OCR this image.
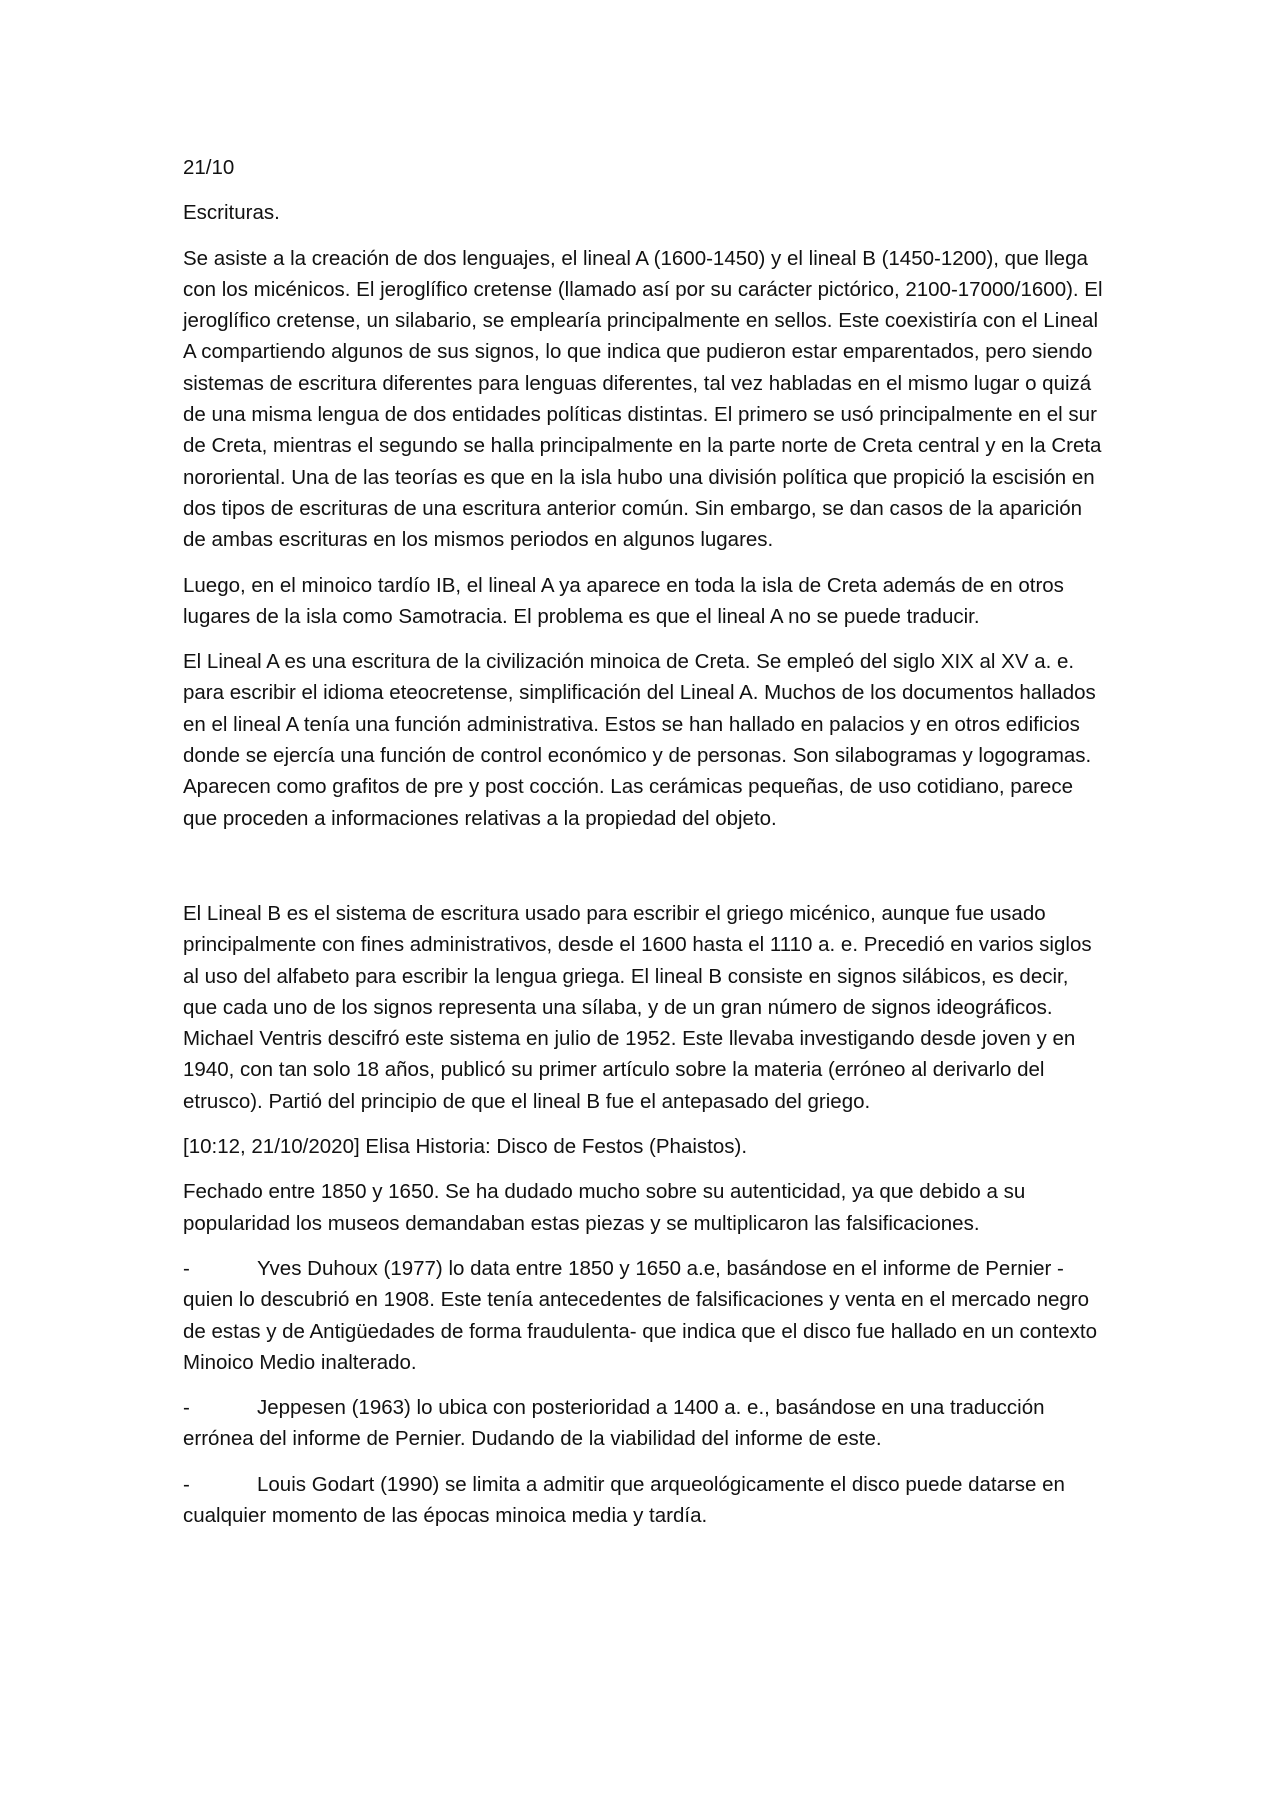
21/10

Escrituras.

Se asiste a la creación de dos lenguajes, el lineal A (1600-1450) y el lineal B (1450-1200), que llega con los micénicos. El jeroglífico cretense (llamado así por su carácter pictórico, 2100-17000/1600). El jeroglífico cretense, un silabario, se emplearía principalmente en sellos. Este coexistiría con el Lineal A compartiendo algunos de sus signos, lo que indica que pudieron estar emparentados, pero siendo sistemas de escritura diferentes para lenguas diferentes, tal vez habladas en el mismo lugar o quizá de una misma lengua de dos entidades políticas distintas. El primero se usó principalmente en el sur de Creta, mientras el segundo se halla principalmente en la parte norte de Creta central y en la Creta nororiental. Una de las teorías es que en la isla hubo una división política que propició la escisión en dos tipos de escrituras de una escritura anterior común. Sin embargo, se dan casos de la aparición de ambas escrituras en los mismos periodos en algunos lugares.

Luego, en el minoico tardío IB, el lineal A ya aparece en toda la isla de Creta además de en otros lugares de la isla como Samotracia. El problema es que el lineal A no se puede traducir.

El Lineal A es una escritura de la civilización minoica de Creta. Se empleó del siglo XIX al XV a. e. para escribir el idioma eteocretense, simplificación del Lineal A. Muchos de los documentos hallados en el lineal A tenía una función administrativa. Estos se han hallado en palacios y en otros edificios donde se ejercía una función de control económico y de personas. Son silabogramas y logogramas. Aparecen como grafitos de pre y post cocción. Las cerámicas pequeñas, de uso cotidiano, parece que proceden a informaciones relativas a la propiedad del objeto.

El Lineal B es el sistema de escritura usado para escribir el griego micénico, aunque fue usado principalmente con fines administrativos, desde el 1600 hasta el 1110 a. e. Precedió en varios siglos al uso del alfabeto para escribir la lengua griega. El lineal B consiste en signos silábicos, es decir, que cada uno de los signos representa una sílaba, y de un gran número de signos ideográficos. Michael Ventris descifró este sistema en julio de 1952. Este llevaba investigando desde joven y en 1940, con tan solo 18 años, publicó su primer artículo sobre la materia (erróneo al derivarlo del etrusco). Partió del principio de que el lineal B fue el antepasado del griego.

[10:12, 21/10/2020] Elisa Historia: Disco de Festos (Phaistos).

Fechado entre 1850 y 1650. Se ha dudado mucho sobre su autenticidad, ya que debido a su popularidad los museos demandaban estas piezas y se multiplicaron las falsificaciones.

-	Yves Duhoux (1977) lo data entre 1850 y 1650 a.e, basándose en el informe de Pernier -quien lo descubrió en 1908. Este tenía antecedentes de falsificaciones y venta en el mercado negro de estas y de Antigüedades de forma fraudulenta- que indica que el disco fue hallado en un contexto Minoico Medio inalterado.

-	Jeppesen (1963) lo ubica con posterioridad a 1400 a. e., basándose en una traducción errónea del informe de Pernier. Dudando de la viabilidad del informe de este.

-	Louis Godart (1990) se limita a admitir que arqueológicamente el disco puede datarse en cualquier momento de las épocas minoica media y tardía.
